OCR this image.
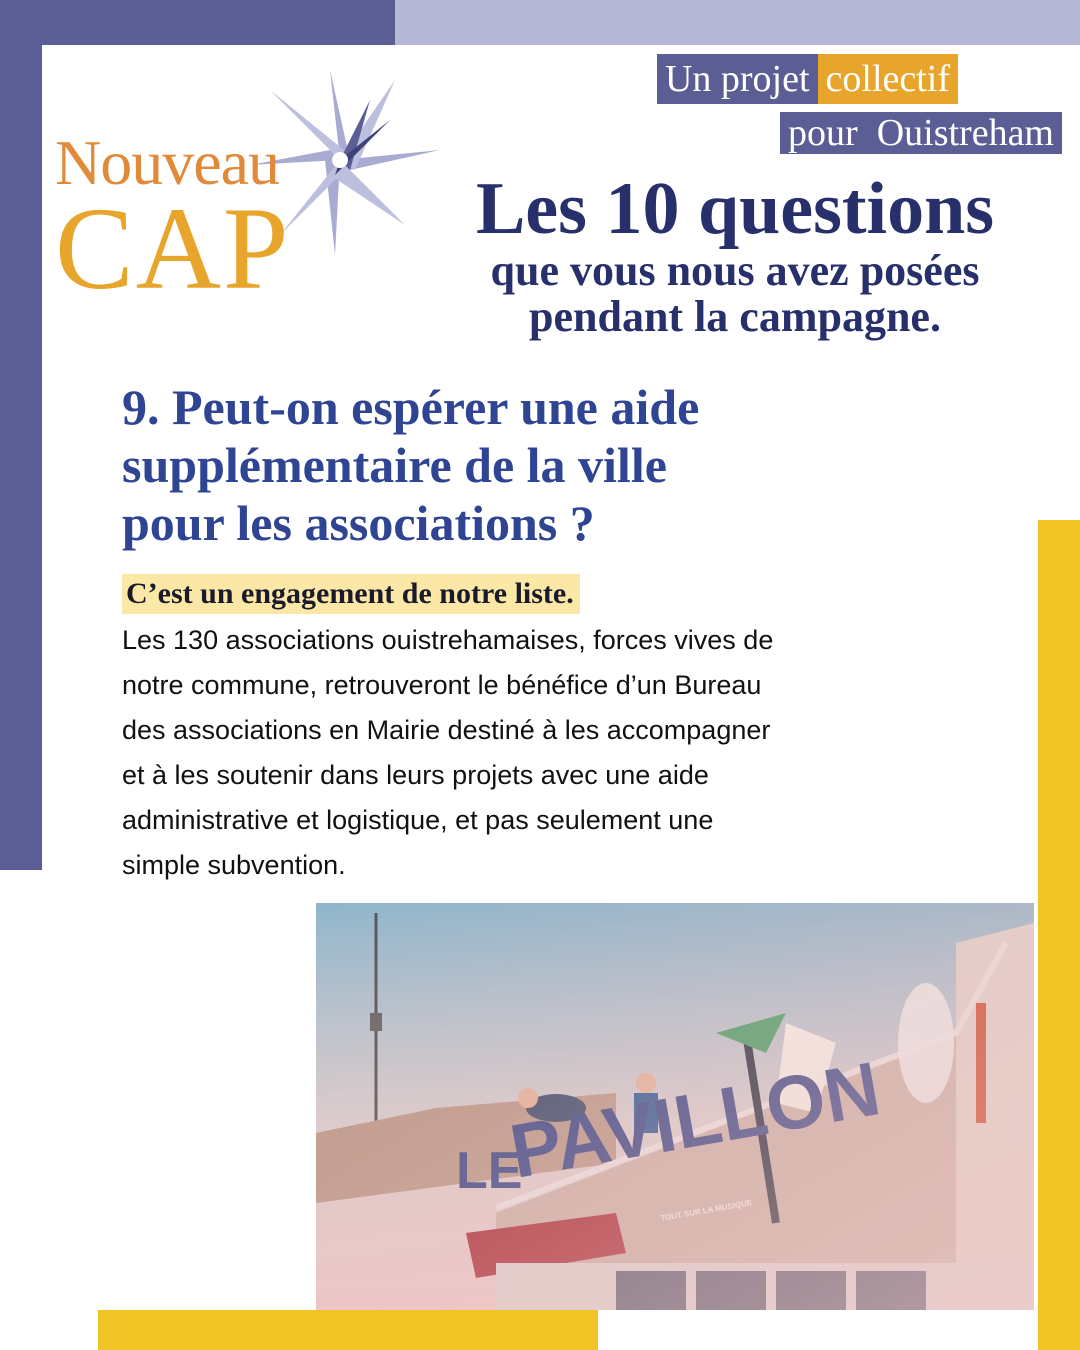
Nouveau
CAP
Un projet collectif
pour  Ouistreham
Les 10 questions
que vous nous avez posées
pendant la campagne.
9. Peut-on espérer une aide
supplémentaire de la ville
pour les associations ?
C’est un engagement de notre liste.
Les 130 associations ouistrehamaises, forces vives de
notre commune, retrouveront le bénéfice d’un Bureau
des associations en Mairie destiné à les accompagner
et à les soutenir dans leurs projets avec une aide
administrative et logistique, et pas seulement une
simple subvention.
